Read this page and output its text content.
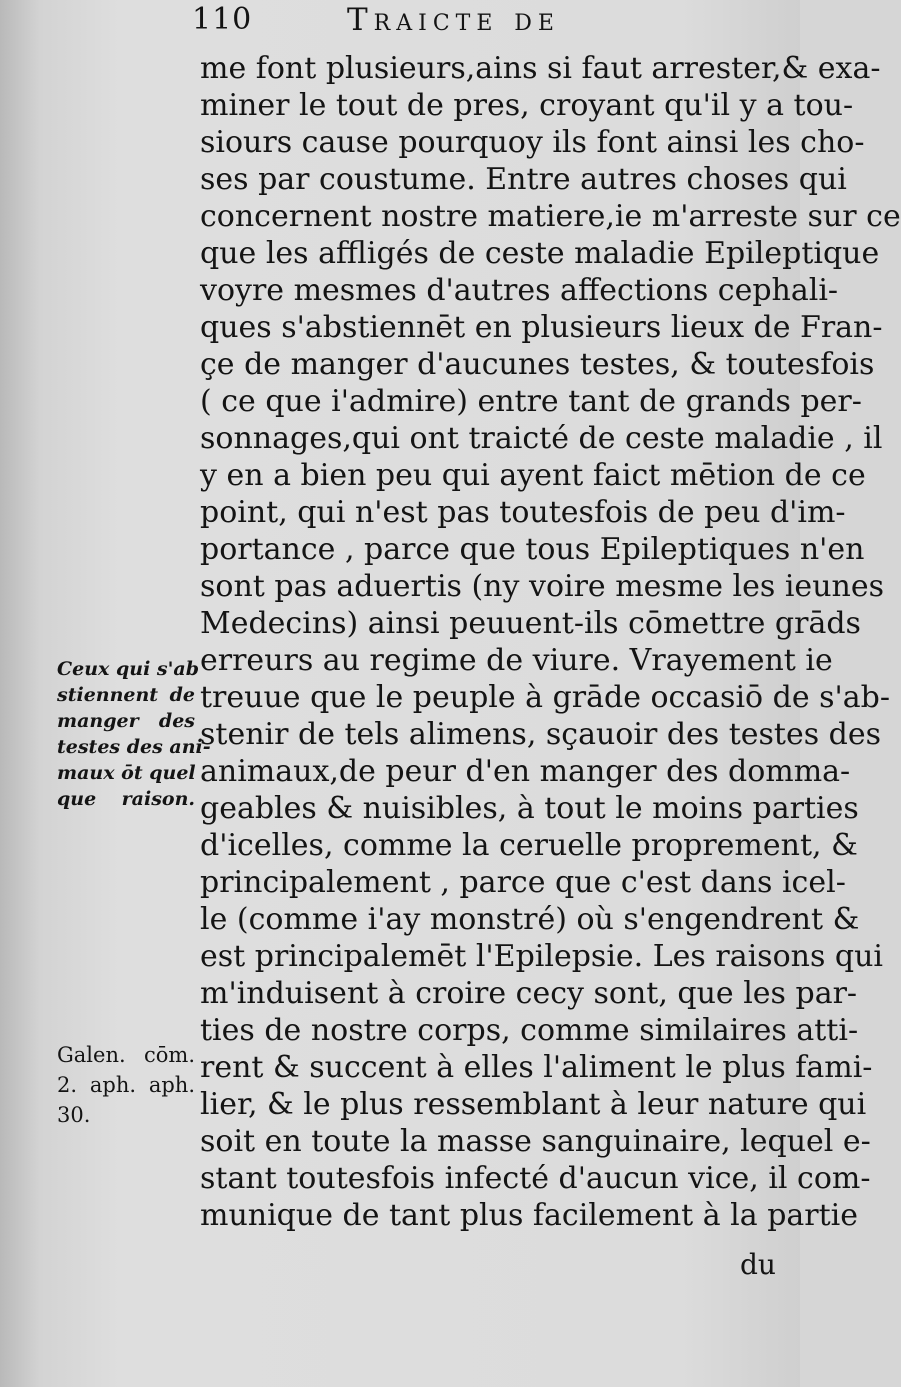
110	Traicte de
me font plusieurs,ains si faut arrester,& exa-
miner le tout de pres, croyant qu'il y a tou-
siours cause pourquoy ils font ainsi les cho-
ses par coustume. Entre autres choses qui
concernent nostre matiere,ie m'arreste sur ce
que les affligés de ceste maladie Epileptique
voyre mesmes d'autres affections cephali-
ques s'abstiennēt en plusieurs lieux de Fran-
çe de manger d'aucunes testes, & toutesfois
( ce que i'admire) entre tant de grands per-
sonnages,qui ont traicté de ceste maladie , il
y en a bien peu qui ayent faict mētion de ce
point, qui n'est pas toutesfois de peu d'im-
portance , parce que tous Epileptiques n'en
sont pas aduertis (ny voire mesme les ieunes
Medecins) ainsi peuuent-ils cōmettre grāds
erreurs au regime de viure. Vrayement ie
treuue que le peuple à grāde occasiō de s'ab-
stenir de tels alimens, sçauoir des testes des
animaux,de peur d'en manger des domma-
geables & nuisibles, à tout le moins parties
d'icelles, comme la ceruelle proprement, &
principalement , parce que c'est dans icel-
le (comme i'ay monstré) où s'engendrent &
est principalemēt l'Epilepsie. Les raisons qui
m'induisent à croire cecy sont, que les par-
ties de nostre corps, comme similaires atti-
rent & succent à elles l'aliment le plus fami-
lier, & le plus ressemblant à leur nature qui
soit en toute la masse sanguinaire, lequel e-
stant toutesfois infecté d'aucun vice, il com-
munique de tant plus facilement à la partie
du
Ceux qui s'ab
stiennent de
manger des
testes des ani-
maux ōt quel
que raison.
Galen. cōm.
2. aph. aph.
30.
